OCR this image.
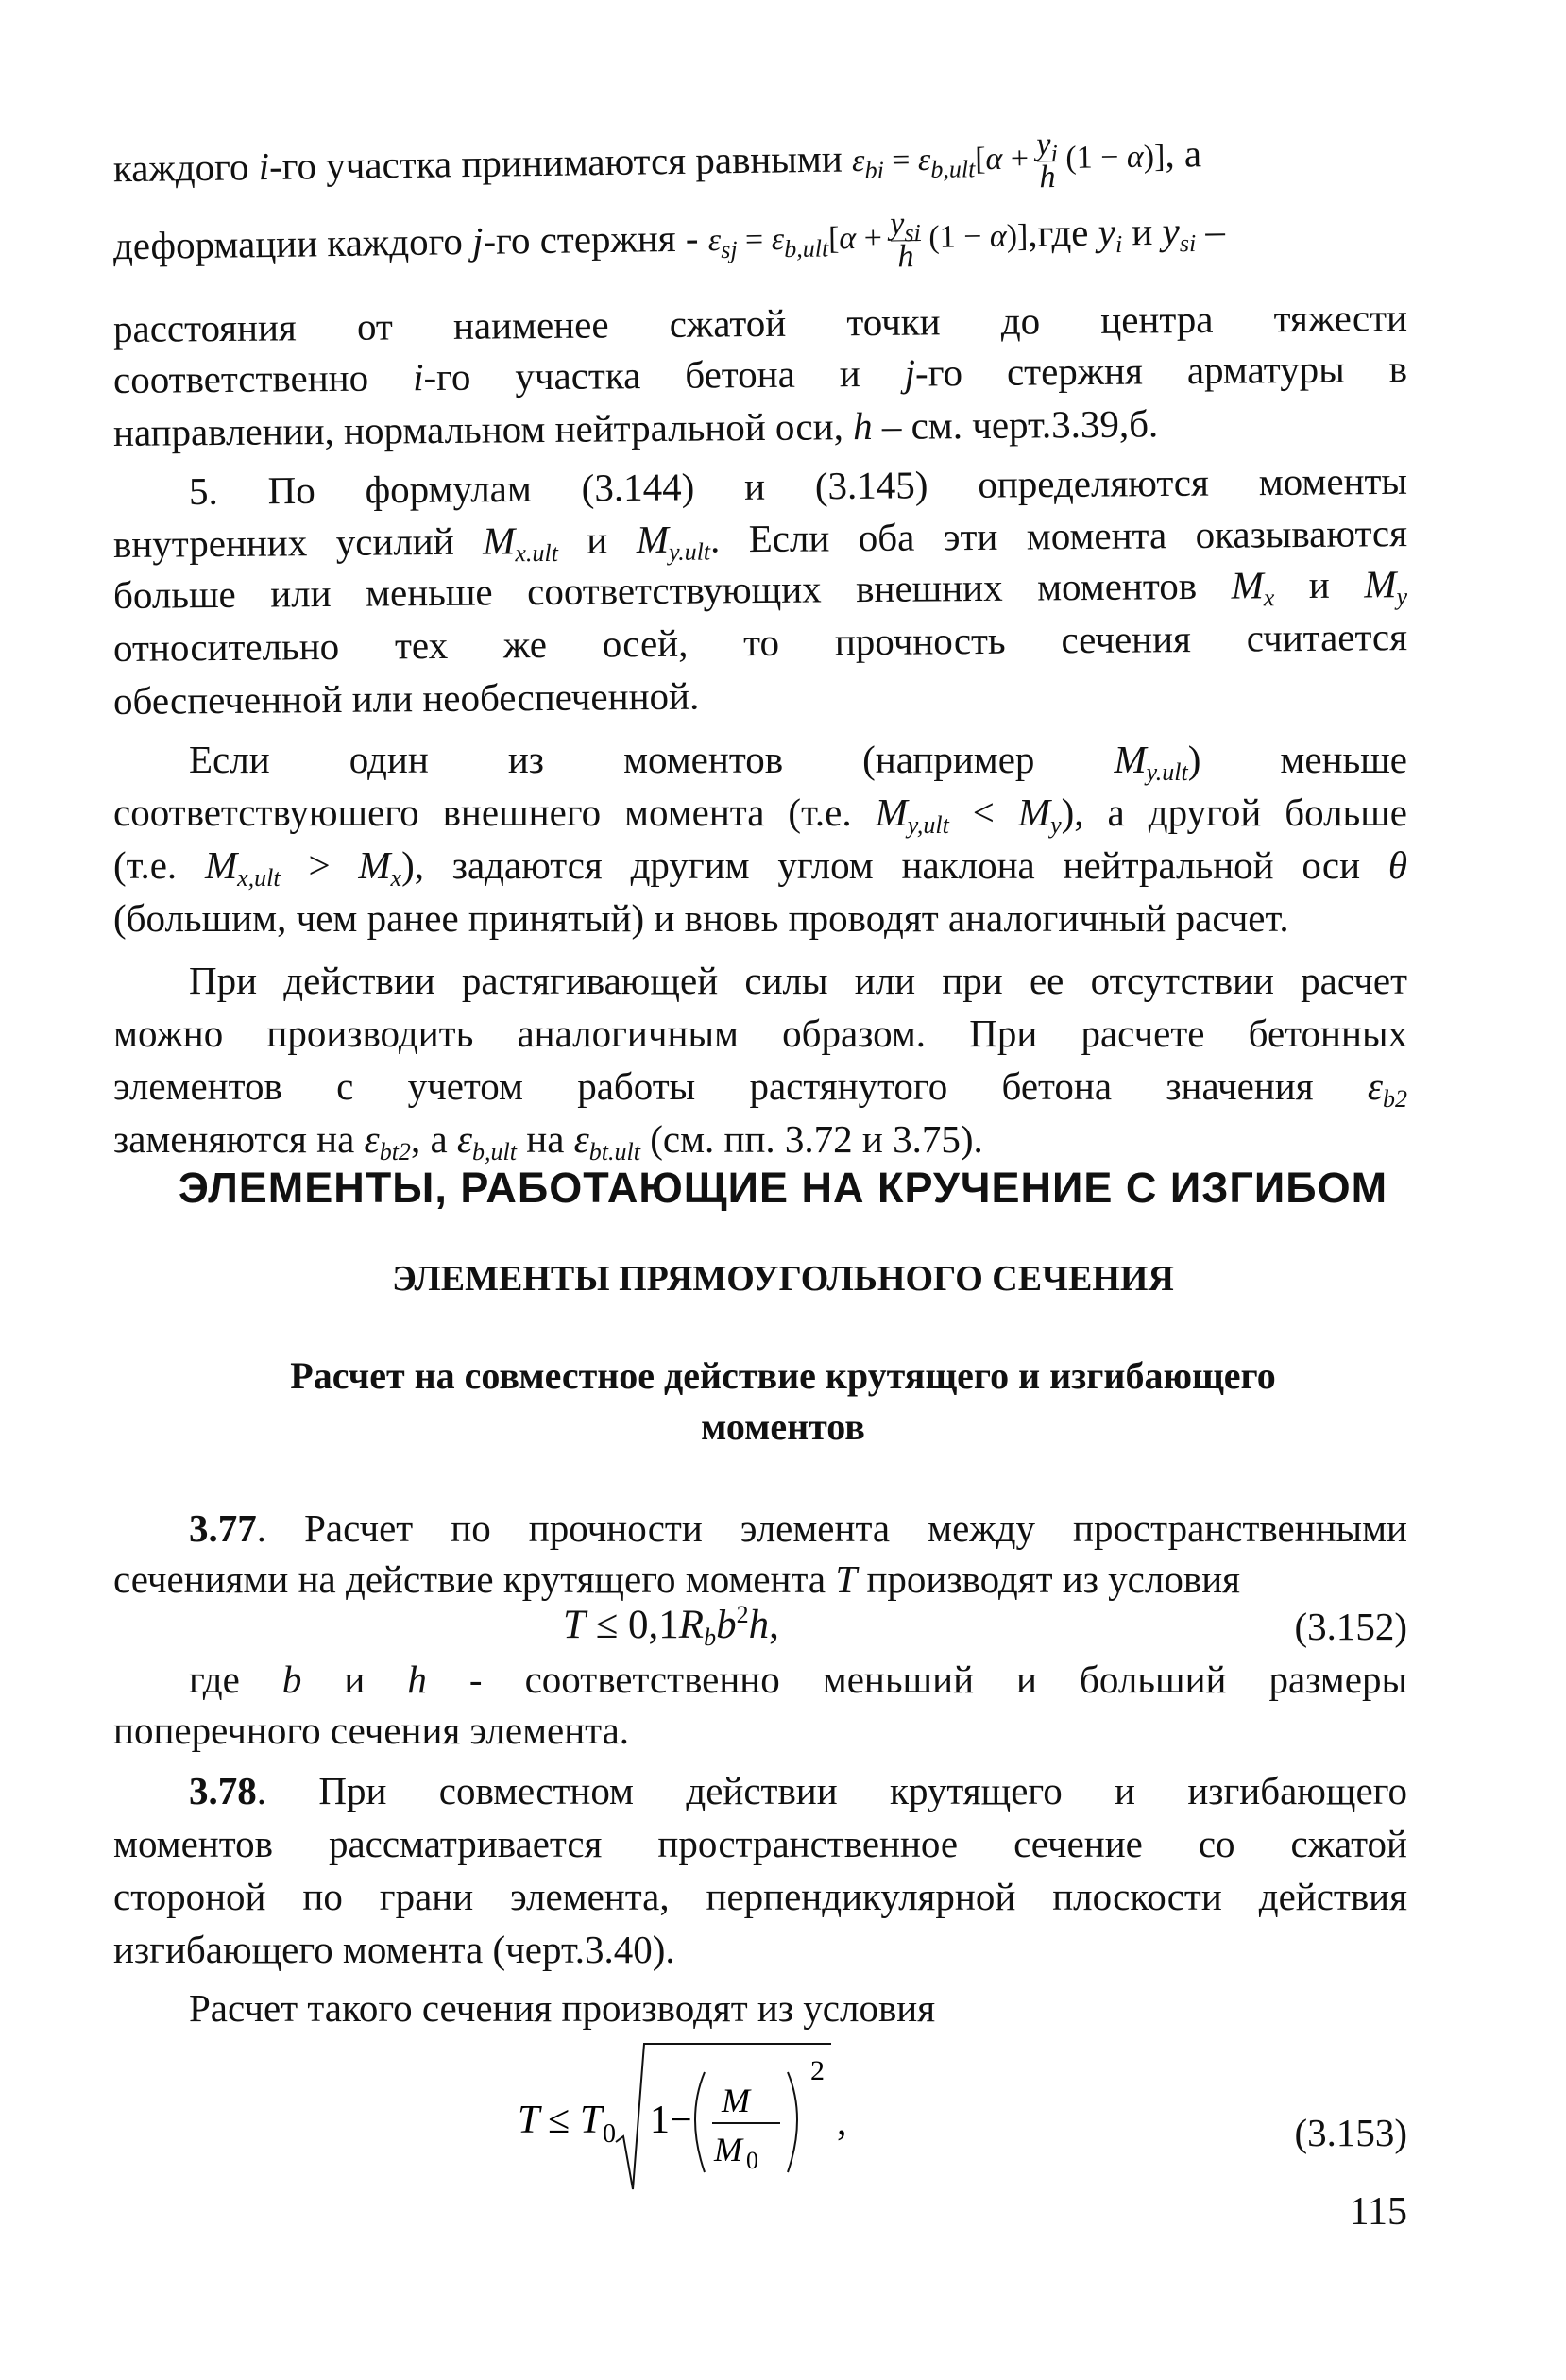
каждого i-го участка принимаются равными $\varepsilon_{bi} = \varepsilon_{b,ult}[\alpha + \frac{y_i}{h} (1 - \alpha)]$, а
деформации каждого j-го стержня - $\varepsilon_{sj} = \varepsilon_{b,ult}[\alpha + \frac{y_{si}}{h} (1 - \alpha)],где$ $y_i$ и $y_{si}$ –
расстояния от наименее сжатой точки до центра тяжести
соответственно i-го участка бетона и j-го стержня арматуры в
направлении, нормальном нейтральной оси, h – см. черт.3.39,б.
5. По формулам (3.144) и (3.145) определяются моменты
внутренних усилий $M_{x.ult}$ и $M_{y.ult}$. Если оба эти момента оказываются
больше или меньше соответствующих внешних моментов $M_x$ и $M_y$
относительно тех же осей, то прочность сечения считается
обеспеченной или необеспеченной.
Если один из моментов (например $M_{y.ult}$) меньше
соответствуюшего внешнего момента (т.е. $M_{y,ult} < M_y$), а другой больше
(т.е. $M_{x,ult} > M_x$), задаются другим углом наклона нейтральной оси θ
(большим, чем ранее принятый) и вновь проводят аналогичный расчет.
При действии растягивающей силы или при ее отсутствии расчет
можно производить аналогичным образом. При расчете бетонных
элементов с учетом работы растянутого бетона значения $\varepsilon_{b2}$
заменяются на $\varepsilon_{bt2}$, а $\varepsilon_{b,ult}$ на $\varepsilon_{bt.ult}$ (см. пп. 3.72 и 3.75).
ЭЛЕМЕНТЫ, РАБОТАЮЩИЕ НА КРУЧЕНИЕ С ИЗГИБОМ
ЭЛЕМЕНТЫ ПРЯМОУГОЛЬНОГО СЕЧЕНИЯ
Расчет на совместное действие крутящего и изгибающего
моментов
3.77. Расчет по прочности элемента между пространственными
сечениями на действие крутящего момента T производят из условия
$T \le 0,1R_bb^2h$,	(3.152)
где b и h - соответственно меньший и больший размеры
поперечного сечения элемента.
3.78. При совместном действии крутящего и изгибающего
моментов рассматривается пространственное сечение со сжатой
стороной по грани элемента, перпендикулярной плоскости действия
изгибающего момента (черт.3.40).
Расчет такого сечения производят из условия
T ≤ T 0 1− M
M 0
2
,	(3.153)
115
